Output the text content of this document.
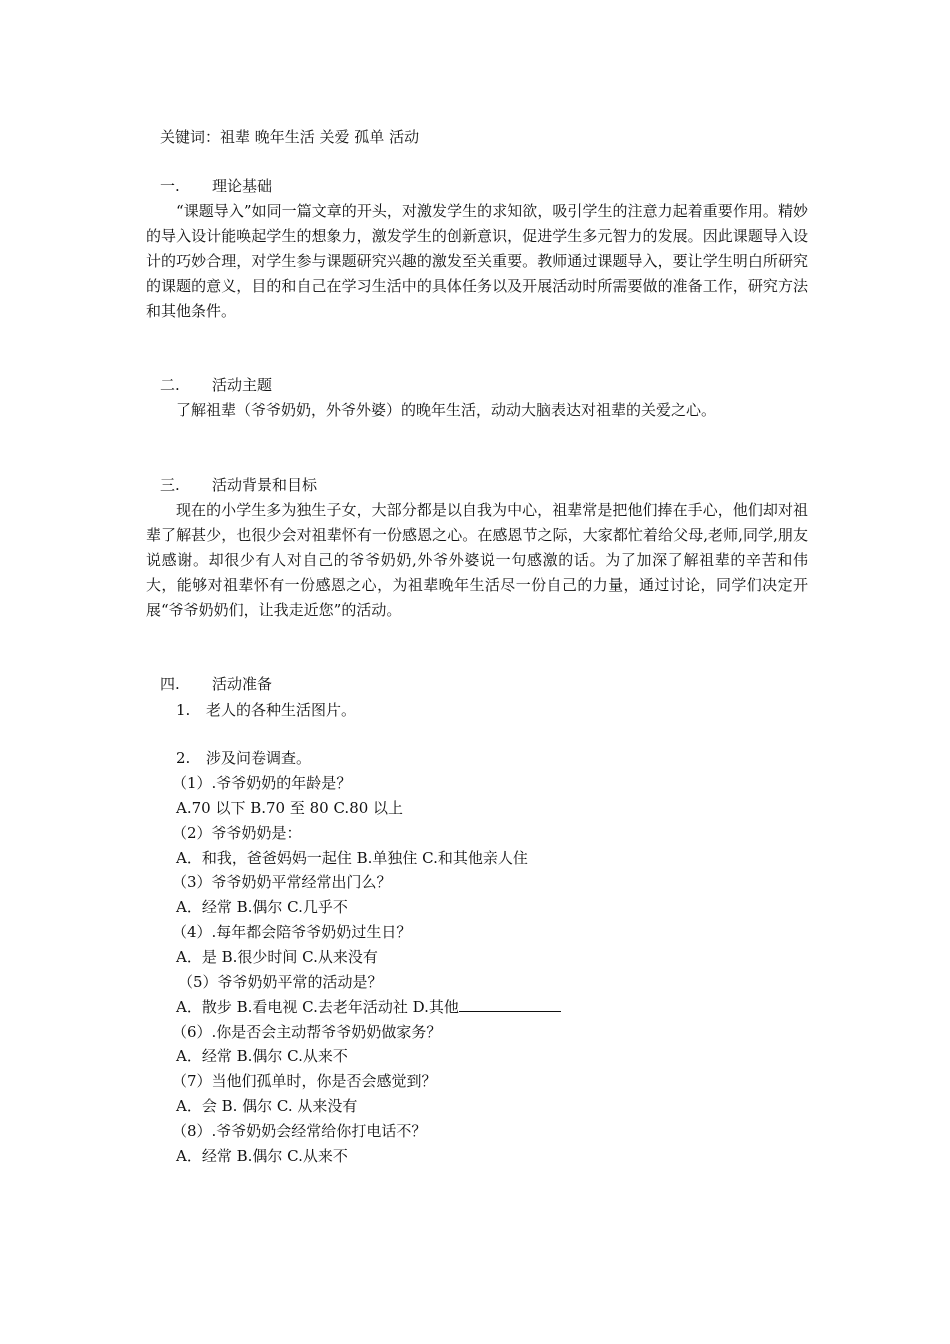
关键词：祖辈 晚年生活 关爱 孤单 活动
一. 理论基础
“课题导入”如同一篇文章的开头，对激发学生的求知欲，吸引学生的注意力起着重要作用。精妙的导入设计能唤起学生的想象力，激发学生的创新意识，促进学生多元智力的发展。因此课题导入设计的巧妙合理，对学生参与课题研究兴趣的激发至关重要。教师通过课题导入，要让学生明白所研究的课题的意义，目的和自己在学习生活中的具体任务以及开展活动时所需要做的准备工作，研究方法和其他条件。
二. 活动主题
了解祖辈（爷爷奶奶，外爷外婆）的晚年生活，动动大脑表达对祖辈的关爱之心。
三. 活动背景和目标
现在的小学生多为独生子女，大部分都是以自我为中心，祖辈常是把他们捧在手心，他们却对祖辈了解甚少，也很少会对祖辈怀有一份感恩之心。在感恩节之际，大家都忙着给父母,老师,同学,朋友说感谢。却很少有人对自己的爷爷奶奶,外爷外婆说一句感激的话。为了加深了解祖辈的辛苦和伟大，能够对祖辈怀有一份感恩之心，为祖辈晚年生活尽一份自己的力量，通过讨论，同学们决定开展“爷爷奶奶们，让我走近您”的活动。
四. 活动准备
1. 老人的各种生活图片。
2. 涉及问卷调查。
（1）.爷爷奶奶的年龄是？
A.70 以下 B.70 至 80 C.80 以上
（2）爷爷奶奶是：
A．和我，爸爸妈妈一起住 B.单独住 C.和其他亲人住
（3）爷爷奶奶平常经常出门么？
A．经常 B.偶尔 C.几乎不
（4）.每年都会陪爷爷奶奶过生日？
A．是 B.很少时间 C.从来没有
（5）爷爷奶奶平常的活动是？
A．散步 B.看电视 C.去老年活动社 D.其他
（6）.你是否会主动帮爷爷奶奶做家务？
A．经常 B.偶尔 C.从来不
（7）当他们孤单时，你是否会感觉到？
A．会 B. 偶尔 C. 从来没有
（8）.爷爷奶奶会经常给你打电话不？
A．经常 B.偶尔 C.从来不
